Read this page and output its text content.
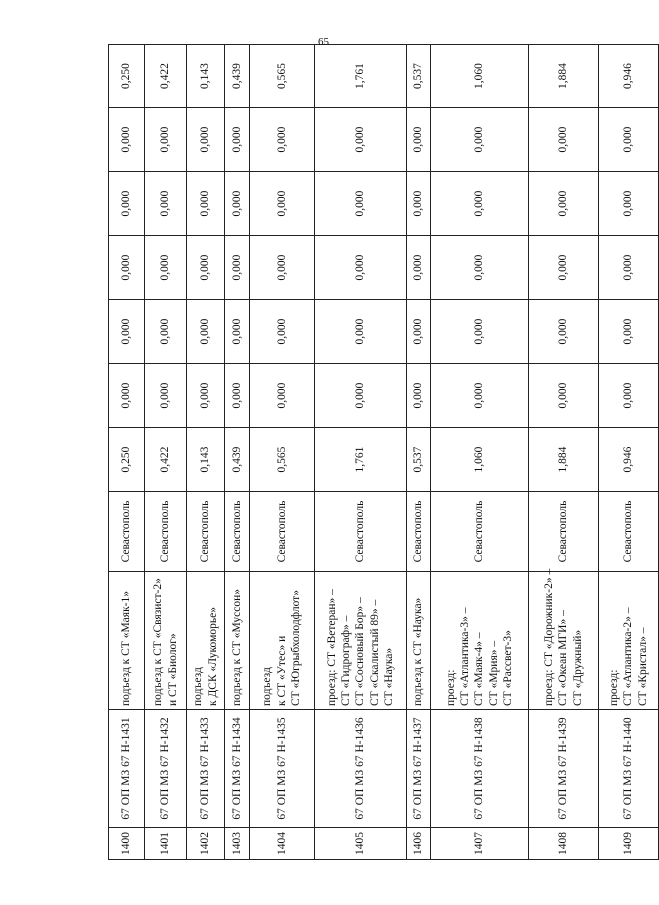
65
1400	67 ОП МЗ 67 Н-1431	подъезд к СТ «Маяк-1»	Севастополь	0,250	0,000	0,000	0,000	0,000	0,000	0,250
1401	67 ОП МЗ 67 Н-1432	подъезд к СТ «Связист-2» и СТ «Биолог»	Севастополь	0,422	0,000	0,000	0,000	0,000	0,000	0,422
1402	67 ОП МЗ 67 Н-1433	подъезд к ДСК «Лукоморье»	Севастополь	0,143	0,000	0,000	0,000	0,000	0,000	0,143
1403	67 ОП МЗ 67 Н-1434	подъезд к СТ «Муссон»	Севастополь	0,439	0,000	0,000	0,000	0,000	0,000	0,439
1404	67 ОП МЗ 67 Н-1435	подъезд к СТ «Утес» и СТ «Югрыбхолодфлот»	Севастополь	0,565	0,000	0,000	0,000	0,000	0,000	0,565
1405	67 ОП МЗ 67 Н-1436	проезд: СТ «Ветеран» – СТ «Гидрограф» – СТ «Сосновый Бор» – СТ «Скалистый 89» – СТ «Наука»	Севастополь	1,761	0,000	0,000	0,000	0,000	0,000	1,761
1406	67 ОП МЗ 67 Н-1437	подъезд к СТ «Наука»	Севастополь	0,537	0,000	0,000	0,000	0,000	0,000	0,537
1407	67 ОП МЗ 67 Н-1438	проезд: СТ «Атлантика-3» – СТ «Маяк-4» – СТ «Мрия» – СТ «Рассвет-3»	Севастополь	1,060	0,000	0,000	0,000	0,000	0,000	1,060
1408	67 ОП МЗ 67 Н-1439	проезд: СТ «Дорожник-2» – СТ «Океан МГИ» – СТ «Дружный»	Севастополь	1,884	0,000	0,000	0,000	0,000	0,000	1,884
1409	67 ОП МЗ 67 Н-1440	проезд: СТ «Атлантика-2» – СТ «Кристал» –	Севастополь	0,946	0,000	0,000	0,000	0,000	0,000	0,946
